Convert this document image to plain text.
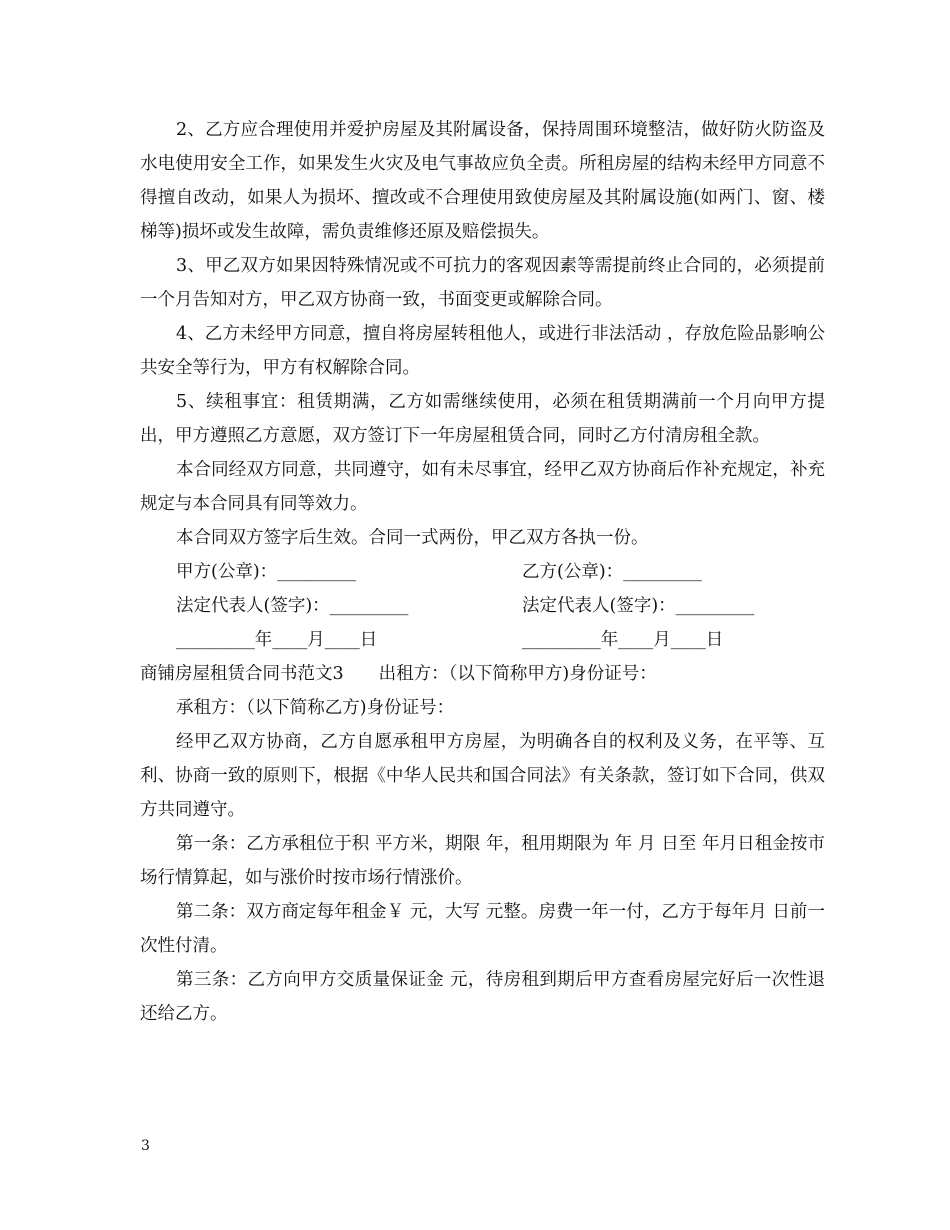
2、乙方应合理使用并爱护房屋及其附属设备，保持周围环境整洁，做好防火防盗及水电使用安全工作，如果发生火灾及电气事故应负全责。所租房屋的结构未经甲方同意不得擅自改动，如果人为损坏、擅改或不合理使用致使房屋及其附属设施(如两门、窗、楼梯等)损坏或发生故障，需负责维修还原及赔偿损失。

3、甲乙双方如果因特殊情况或不可抗力的客观因素等需提前终止合同的，必须提前一个月告知对方，甲乙双方协商一致，书面变更或解除合同。

4、乙方未经甲方同意，擅自将房屋转租他人，或进行非法活动 ，存放危险品影响公共安全等行为，甲方有权解除合同。

5、续租事宜：租赁期满，乙方如需继续使用，必须在租赁期满前一个月向甲方提出，甲方遵照乙方意愿，双方签订下一年房屋租赁合同，同时乙方付清房租全款。

本合同经双方同意，共同遵守，如有未尽事宜，经甲乙双方协商后作补充规定，补充规定与本合同具有同等效力。

本合同双方签字后生效。合同一式两份，甲乙双方各执一份。

甲方(公章)：_________	乙方(公章)：_________
法定代表人(签字)：_________	法定代表人(签字)：_________
_________年____月____日	_________年____月____日

商铺房屋租赁合同书范文3　　出租方：（以下简称甲方)身份证号：

承租方：（以下简称乙方)身份证号：

经甲乙双方协商，乙方自愿承租甲方房屋，为明确各自的权利及义务，在平等、互利、协商一致的原则下，根据《中华人民共和国合同法》有关条款，签订如下合同，供双方共同遵守。

第一条：乙方承租位于积 平方米，期限 年，租用期限为 年 月 日至 年月日租金按市场行情算起，如与涨价时按市场行情涨价。

第二条：双方商定每年租金￥ 元，大写 元整。房费一年一付，乙方于每年月 日前一次性付清。

第三条：乙方向甲方交质量保证金 元，待房租到期后甲方查看房屋完好后一次性退还给乙方。

3
